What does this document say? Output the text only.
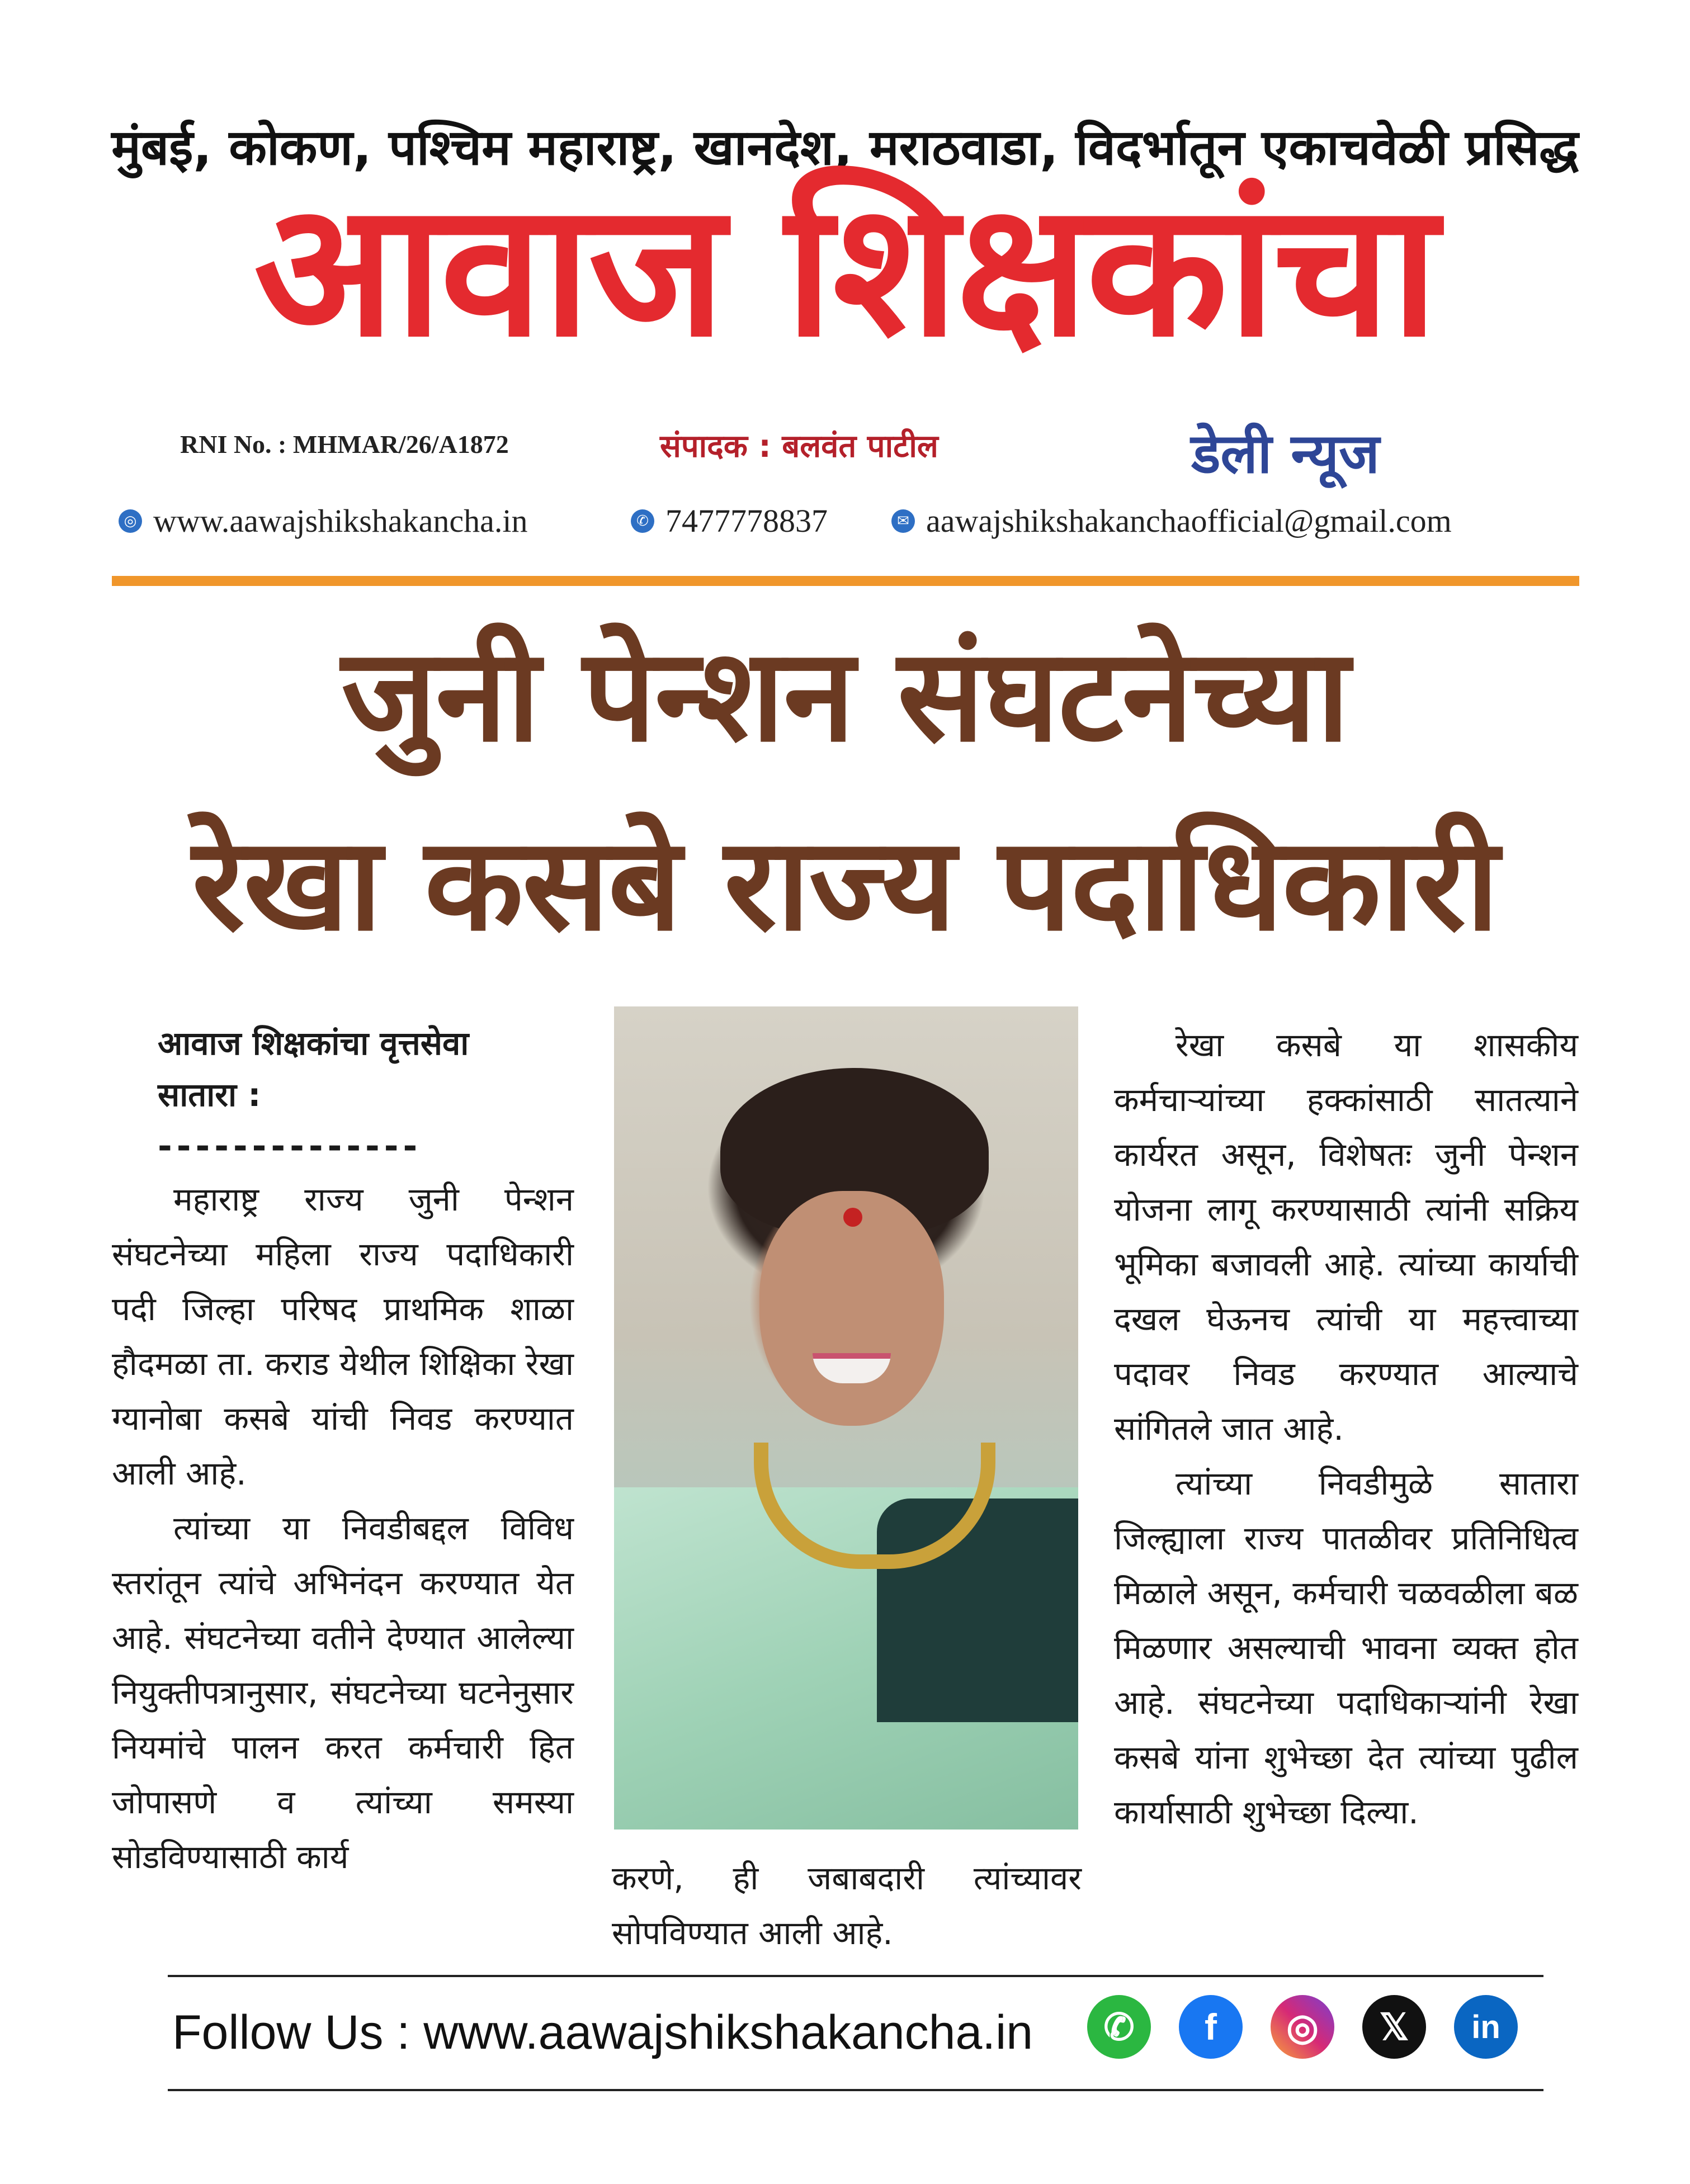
मुंबई, कोकण, पश्चिम महाराष्ट्र, खानदेश, मराठवाडा, विदर्भातून एकाचवेळी प्रसिद्ध
आवाज शिक्षकांचा
RNI No. : MHMAR/26/A1872	संपादक : बलवंत पाटील	डेली न्यूज
◎ www.aawajshikshakancha.in	✆ 7477778837	✉ aawajshikshakanchaofficial@gmail.com
जुनी पेन्शन संघटनेच्या
रेखा कसबे राज्य पदाधिकारी
आवाज शिक्षकांचा वृत्तसेवा
सातारा :
--------------

महाराष्ट्र राज्य जुनी पेन्शन संघटनेच्या महिला राज्य पदाधिकारी पदी जिल्हा परिषद प्राथमिक शाळा हौदमळा ता. कराड येथील शिक्षिका रेखा ग्यानोबा कसबे यांची निवड करण्यात आली आहे.

त्यांच्या या निवडीबद्दल विविध स्तरांतून त्यांचे अभिनंदन करण्यात येत आहे. संघटनेच्या वतीने देण्यात आलेल्या नियुक्तीपत्रानुसार, संघटनेच्या घटनेनुसार नियमांचे पालन करत कर्मचारी हित जोपासणे व त्यांच्या समस्या सोडविण्यासाठी कार्य

करणे, ही जबाबदारी त्यांच्यावर सोपविण्यात आली आहे.

रेखा कसबे या शासकीय कर्मचाऱ्यांच्या हक्कांसाठी सातत्याने कार्यरत असून, विशेषतः जुनी पेन्शन योजना लागू करण्यासाठी त्यांनी सक्रिय भूमिका बजावली आहे. त्यांच्या कार्याची दखल घेऊनच त्यांची या महत्त्वाच्या पदावर निवड करण्यात आल्याचे सांगितले जात आहे.

त्यांच्या निवडीमुळे सातारा जिल्ह्याला राज्य पातळीवर प्रतिनिधित्व मिळाले असून, कर्मचारी चळवळीला बळ मिळणार असल्याची भावना व्यक्त होत आहे. संघटनेच्या पदाधिकाऱ्यांनी रेखा कसबे यांना शुभेच्छा देत त्यांच्या पुढील कार्यासाठी शुभेच्छा दिल्या.

Follow Us : www.aawajshikshakancha.in	✆	f	◎	𝕏	in
